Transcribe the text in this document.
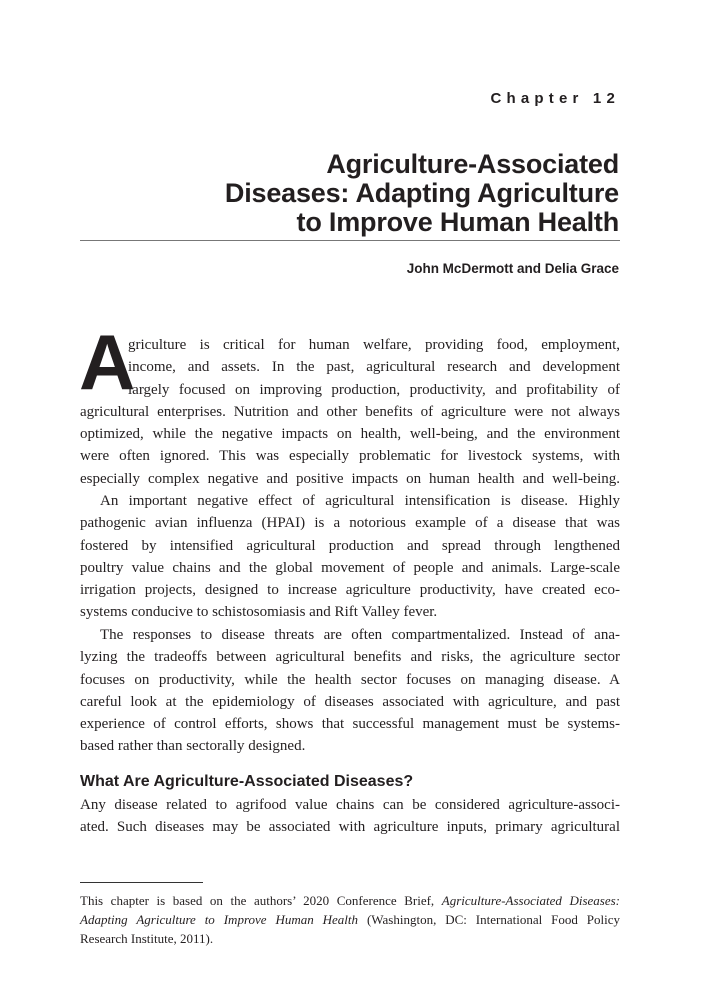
Chapter 12
Agriculture-Associated
Diseases: Adapting Agriculture
to Improve Human Health
John McDermott and Delia Grace
A
griculture is critical for human welfare, providing food, employment,
income, and assets. In the past, agricultural research and development
largely focused on improving production, productivity, and profitability of
agricultural enterprises. Nutrition and other benefits of agriculture were not always
optimized, while the negative impacts on health, well-being, and the environment
were often ignored. This was especially problematic for livestock systems, with
especially complex negative and positive impacts on human health and well-being.
An important negative effect of agricultural intensification is disease. Highly
pathogenic avian influenza (HPAI) is a notorious example of a disease that was
fostered by intensified agricultural production and spread through lengthened
poultry value chains and the global movement of people and animals. Large-scale
irrigation projects, designed to increase agriculture productivity, have created eco-
systems conducive to schistosomiasis and Rift Valley fever.
The responses to disease threats are often compartmentalized. Instead of ana-
lyzing the tradeoffs between agricultural benefits and risks, the agriculture sector
focuses on productivity, while the health sector focuses on managing disease. A
careful look at the epidemiology of diseases associated with agriculture, and past
experience of control efforts, shows that successful management must be systems-
based rather than sectorally designed.
What Are Agriculture-Associated Diseases?
Any disease related to agrifood value chains can be considered agriculture-associ-
ated. Such diseases may be associated with agriculture inputs, primary agricultural
This chapter is based on the authors’ 2020 Conference Brief, Agriculture-Associated Diseases:
Adapting Agriculture to Improve Human Health (Washington, DC: International Food Policy
Research Institute, 2011).
